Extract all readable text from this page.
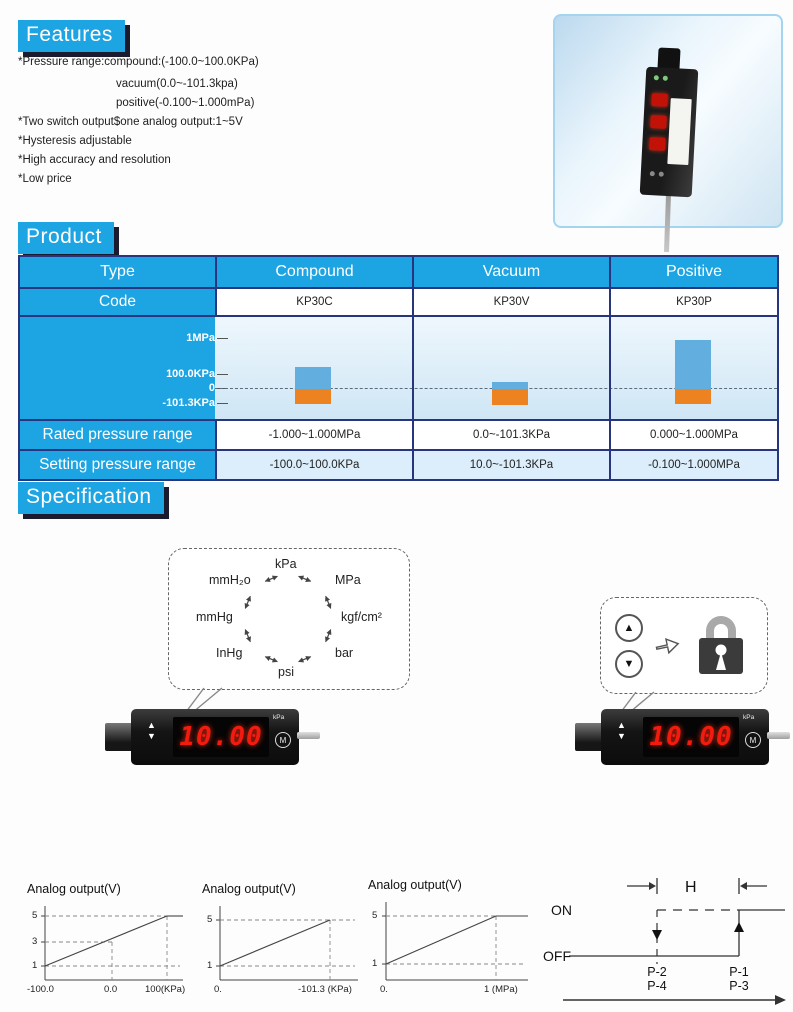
Features
*Pressure range:compound:(-100.0~100.0KPa)
vacuum(0.0~-101.3kpa)
positive(-0.100~1.000mPa)
*Two switch output$one analog output:1~5V
*Hysteresis adjustable
*High accuracy and resolution
*Low price
Product
Type	Compound	Vacuum	Positive
Code	KP30C	KP30V	KP30P
1MPa
100.0KPa
0
-101.3KPa
Rated pressure range	-1.000~1.000MPa	0.0~-101.3KPa	0.000~1.000MPa
Setting pressure range	-100.0~100.0KPa	10.0~-101.3KPa	-0.100~1.000MPa
Specification
kPa
MPa
kgf/cm²
bar
psi
InHg
mmHg
mmH₂o
▲
▼ 10.00
kPa
M
▲
▼
▲
▼ 10.00
kPa
M
Analog output(V)
5
3
1
-100.0	0.0	100(KPa)
Analog output(V)
5
1
0.	-101.3 (KPa)
Analog output(V)
5
1
0.	1 (MPa)
H
ON
OFF
P-2
P-4
P-1
P-3
